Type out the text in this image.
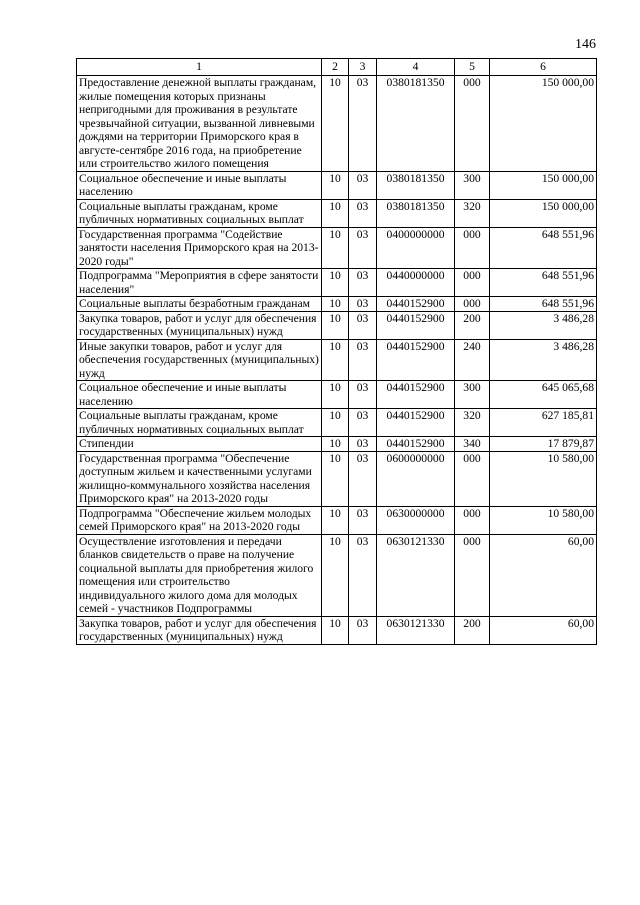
146
1	2	3	4	5	6
Предоставление денежной выплаты гражданам, жилые помещения которых признаны непригодными для проживания в результате чрезвычайной ситуации, вызванной ливневыми дождями на территории Приморского края в августе-сентябре 2016 года, на приобретение или строительство жилого помещения	10	03	0380181350	000	150 000,00
Социальное обеспечение и иные выплаты населению	10	03	0380181350	300	150 000,00
Социальные выплаты гражданам, кроме публичных нормативных социальных выплат	10	03	0380181350	320	150 000,00
Государственная программа "Содействие занятости населения Приморского края на 2013-2020 годы"	10	03	0400000000	000	648 551,96
Подпрограмма "Мероприятия в сфере занятости населения"	10	03	0440000000	000	648 551,96
Социальные выплаты безработным гражданам	10	03	0440152900	000	648 551,96
Закупка товаров, работ и услуг для обеспечения государственных (муниципальных) нужд	10	03	0440152900	200	3 486,28
Иные закупки товаров, работ и услуг для обеспечения государственных (муниципальных) нужд	10	03	0440152900	240	3 486,28
Социальное обеспечение и иные выплаты населению	10	03	0440152900	300	645 065,68
Социальные выплаты гражданам, кроме публичных нормативных социальных выплат	10	03	0440152900	320	627 185,81
Стипендии	10	03	0440152900	340	17 879,87
Государственная программа "Обеспечение доступным жильем и качественными услугами жилищно-коммунального хозяйства населения Приморского края" на 2013-2020 годы	10	03	0600000000	000	10 580,00
Подпрограмма "Обеспечение жильем молодых семей Приморского края" на 2013-2020 годы	10	03	0630000000	000	10 580,00
Осуществление изготовления и передачи бланков свидетельств о праве на получение социальной выплаты для приобретения жилого помещения или строительство индивидуального жилого дома для молодых семей - участников Подпрограммы	10	03	0630121330	000	60,00
Закупка товаров, работ и услуг для обеспечения государственных (муниципальных) нужд	10	03	0630121330	200	60,00
